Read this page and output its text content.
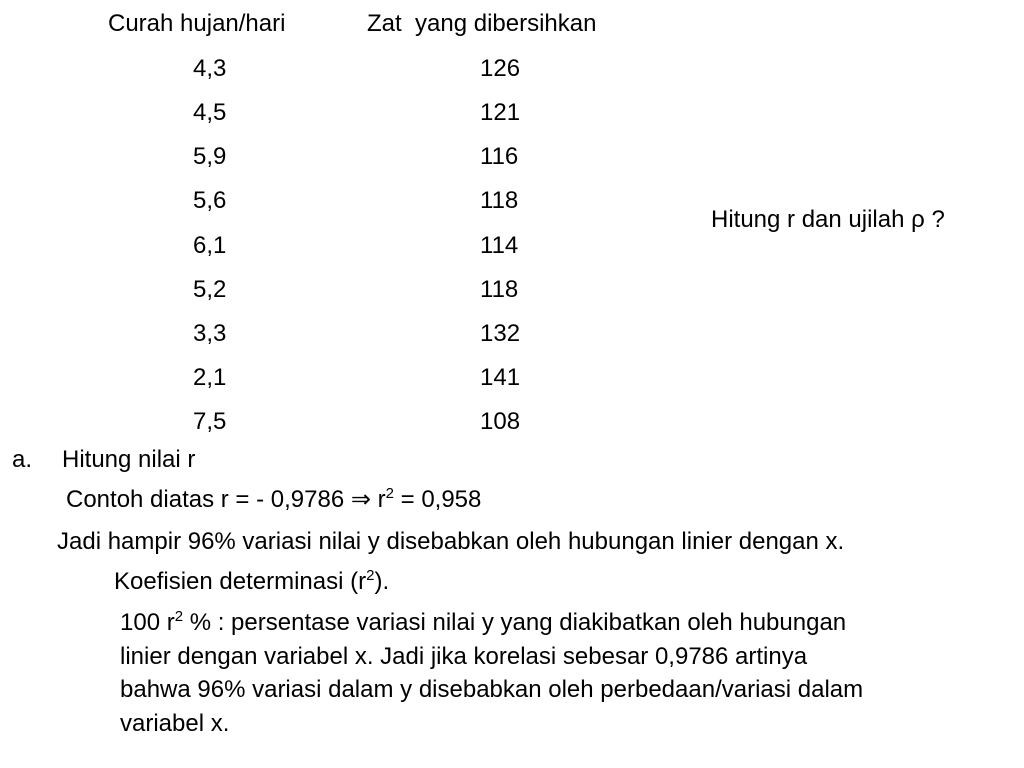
Curah hujan/hari	Zat  yang dibersihkan
4,3	126
4,5	121
5,9	116
5,6	118
6,1	114
5,2	118
3,3	132
2,1	141
7,5	108
Hitung r dan ujilah ρ ?
a. Hitung nilai r
Contoh diatas r = - 0,9786 ⇒ $r^2 = 0,958$
Jadi hampir 96% variasi nilai y disebabkan oleh hubungan linier dengan x.
Koefisien determinasi $(r^2)$.
100 $r^2$ % : persentase variasi nilai y yang diakibatkan oleh hubungan
linier dengan variabel x. Jadi jika korelasi sebesar 0,9786 artinya
bahwa 96% variasi dalam y disebabkan oleh perbedaan/variasi dalam
variabel x.
